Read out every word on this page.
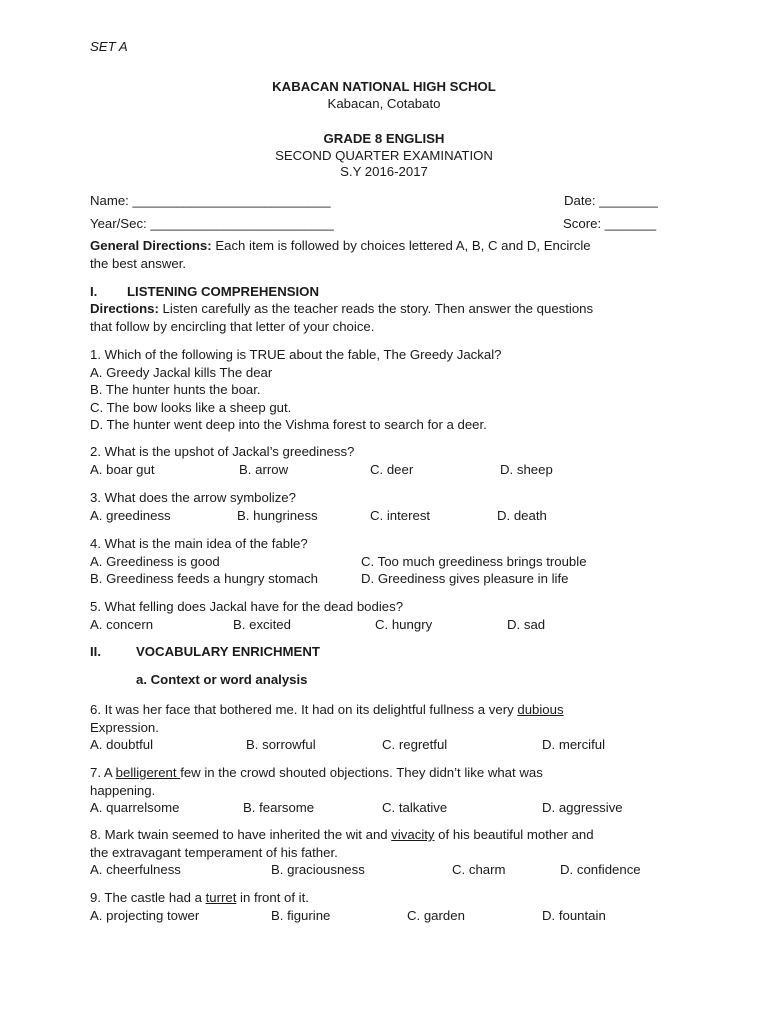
SET A
KABACAN NATIONAL HIGH SCHOL
Kabacan, Cotabato
GRADE 8 ENGLISH
SECOND QUARTER EXAMINATION
S.Y 2016-2017
Name: ___________________________	Date: ________
Year/Sec: _________________________	Score: _______
General Directions: Each item is followed by choices lettered A, B, C and D, Encircle
the best answer.
I. LISTENING COMPREHENSION
Directions: Listen carefully as the teacher reads the story. Then answer the questions
that follow by encircling that letter of your choice.
1. Which of the following is TRUE about the fable, The Greedy Jackal?
A. Greedy Jackal kills The dear
B. The hunter hunts the boar.
C. The bow looks like a sheep gut.
D. The hunter went deep into the Vishma forest to search for a deer.
2. What is the upshot of Jackal’s greediness?
A. boar gut	B. arrow	C. deer	D. sheep
3. What does the arrow symbolize?
A. greediness	B. hungriness	C. interest	D. death
4. What is the main idea of the fable?
A. Greediness is good	C. Too much greediness brings trouble
B. Greediness feeds a hungry stomach	D. Greediness gives pleasure in life
5. What felling does Jackal have for the dead bodies?
A. concern	B. excited	C. hungry	D. sad
II.	VOCABULARY ENRICHMENT
a. Context or word analysis
6. It was her face that bothered me. It had on its delightful fullness a very dubious
Expression.
A. doubtful	B. sorrowful	C. regretful	D. merciful
7. A belligerent few in the crowd shouted objections. They didn’t like what was
happening.
A. quarrelsome	B. fearsome	C. talkative	D. aggressive
8. Mark twain seemed to have inherited the wit and vivacity of his beautiful mother and
the extravagant temperament of his father.
A. cheerfulness	B. graciousness	C. charm	D. confidence
9. The castle had a turret in front of it.
A. projecting tower	B. figurine	C. garden	D. fountain
